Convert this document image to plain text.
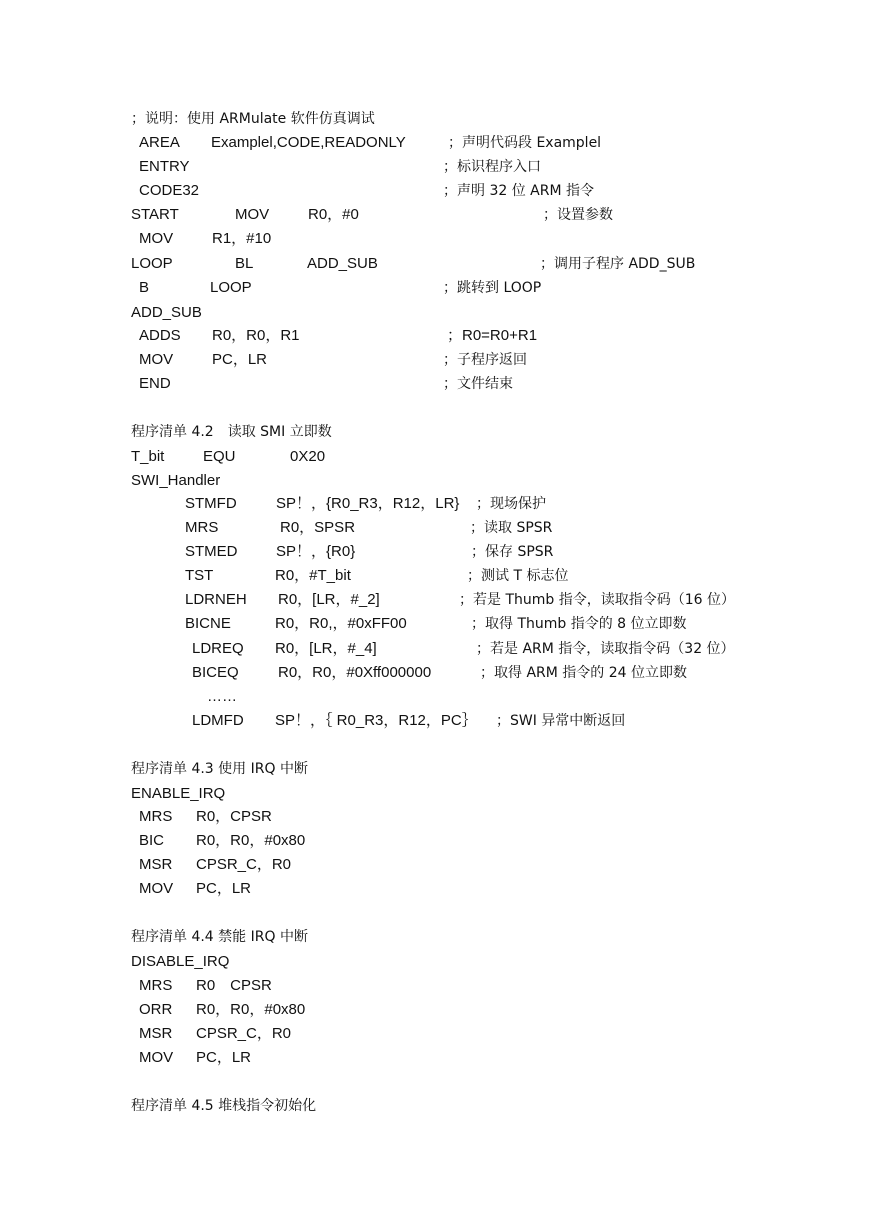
；说明：使用 ARMulate 软件仿真调试
AREA Examplel,CODE,READONLY	；声明代码段 Examplel
ENTRY	；标识程序入口
CODE32	；声明 32 位 ARM 指令
START	MOV	R0，#0	；设置参数
MOV	R1，#10
LOOP	BL	ADD_SUB	；调用子程序 ADD_SUB
B	LOOP	；跳转到 LOOP
ADD_SUB
ADDS R0，R0，R1	；R0=R0+R1
MOV	PC，LR	；子程序返回
END	；文件结束
程序清单 4.2　读取 SMI 立即数
T_bit	EQU	0X20
SWI_Handler
STMFD	SP！，{R0_R3，R12，LR} ；现场保护
MRS	R0，SPSR	；读取 SPSR
STMED	SP！，{R0}	；保存 SPSR
TST	R0，#T_bit	；测试 T 标志位
LDRNEH R0，[LR，#_2]	；若是 Thumb 指令，读取指令码（16 位）
BICNE	R0，R0,，#0xFF00	；取得 Thumb 指令的 8 位立即数
LDREQ R0，[LR，#_4]	；若是 ARM 指令，读取指令码（32 位）
BICEQ	R0，R0，#0Xff000000	；取得 ARM 指令的 24 位立即数
……
LDMFD SP！，｛ R0_R3，R12，PC｝ ；SWI 异常中断返回
程序清单 4.3 使用 IRQ 中断
ENABLE_IRQ
MRS R0，CPSR
BIC R0，R0，#0x80
MSR CPSR_C，R0
MOV PC，LR
程序清单 4.4 禁能 IRQ 中断
DISABLE_IRQ
MRS R0　CPSR
ORR R0，R0，#0x80
MSR CPSR_C，R0
MOV PC，LR
程序清单 4.5 堆栈指令初始化
